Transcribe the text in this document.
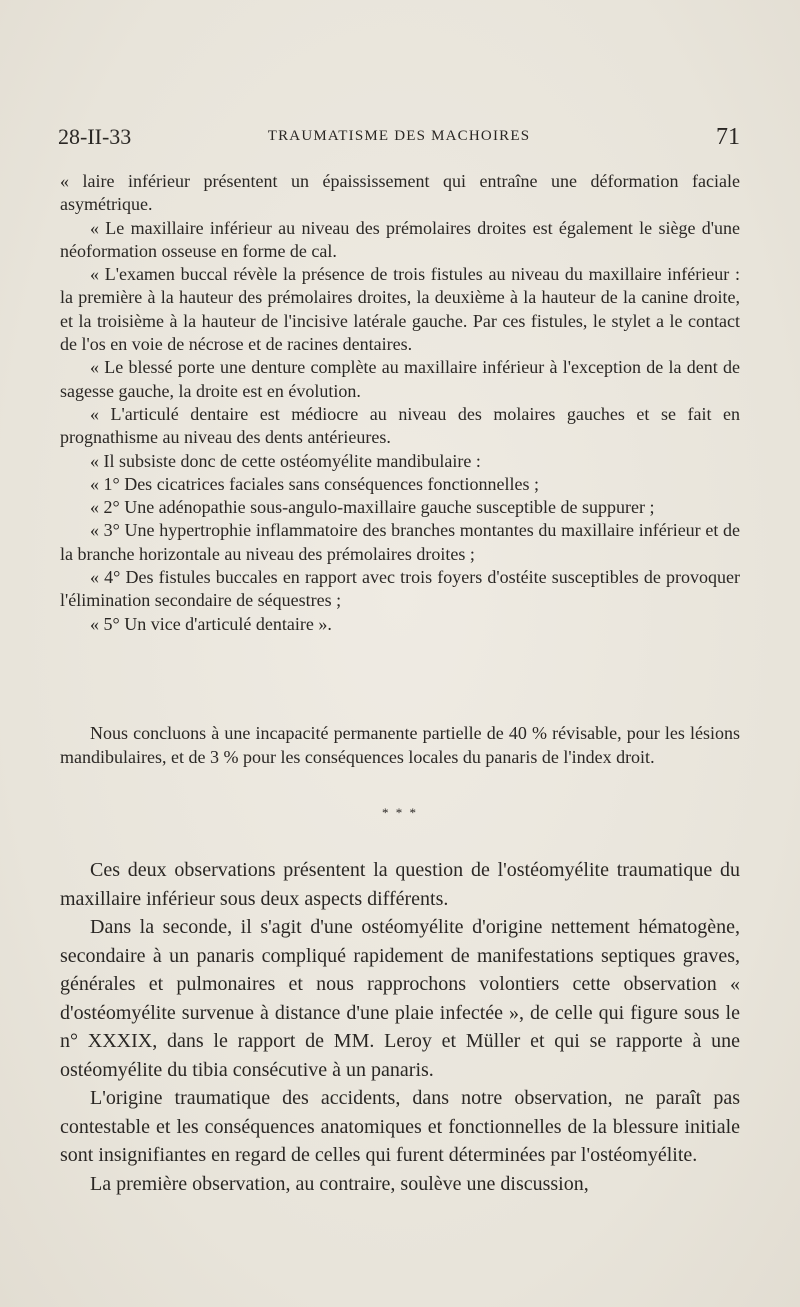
28-II-33	TRAUMATISME DES MACHOIRES	71

« laire inférieur présentent un épaississement qui entraîne une déformation faciale asymétrique.

« Le maxillaire inférieur au niveau des prémolaires droites est également le siège d'une néoformation osseuse en forme de cal.

« L'examen buccal révèle la présence de trois fistules au niveau du maxillaire inférieur : la première à la hauteur des prémolaires droites, la deuxième à la hauteur de la canine droite, et la troisième à la hauteur de l'incisive latérale gauche. Par ces fistules, le stylet a le contact de l'os en voie de nécrose et de racines dentaires.

« Le blessé porte une denture complète au maxillaire inférieur à l'exception de la dent de sagesse gauche, la droite est en évolution.

« L'articulé dentaire est médiocre au niveau des molaires gauches et se fait en prognathisme au niveau des dents antérieures.

« Il subsiste donc de cette ostéomyélite mandibulaire :

« 1° Des cicatrices faciales sans conséquences fonctionnelles ;

« 2° Une adénopathie sous-angulo-maxillaire gauche susceptible de suppurer ;

« 3° Une hypertrophie inflammatoire des branches montantes du maxillaire inférieur et de la branche horizontale au niveau des prémolaires droites ;

« 4° Des fistules buccales en rapport avec trois foyers d'ostéite susceptibles de provoquer l'élimination secondaire de séquestres ;

« 5° Un vice d'articulé dentaire ».

Nous concluons à une incapacité permanente partielle de 40 % révisable, pour les lésions mandibulaires, et de 3 % pour les conséquences locales du panaris de l'index droit.

* * *

Ces deux observations présentent la question de l'ostéomyélite traumatique du maxillaire inférieur sous deux aspects différents.

Dans la seconde, il s'agit d'une ostéomyélite d'origine nettement hématogène, secondaire à un panaris compliqué rapidement de manifestations septiques graves, générales et pulmonaires et nous rapprochons volontiers cette observation « d'ostéomyélite survenue à distance d'une plaie infectée », de celle qui figure sous le n° XXXIX, dans le rapport de MM. Leroy et Müller et qui se rapporte à une ostéomyélite du tibia consécutive à un panaris.

L'origine traumatique des accidents, dans notre observation, ne paraît pas contestable et les conséquences anatomiques et fonctionnelles de la blessure initiale sont insignifiantes en regard de celles qui furent déterminées par l'ostéomyélite.

La première observation, au contraire, soulève une discussion,
